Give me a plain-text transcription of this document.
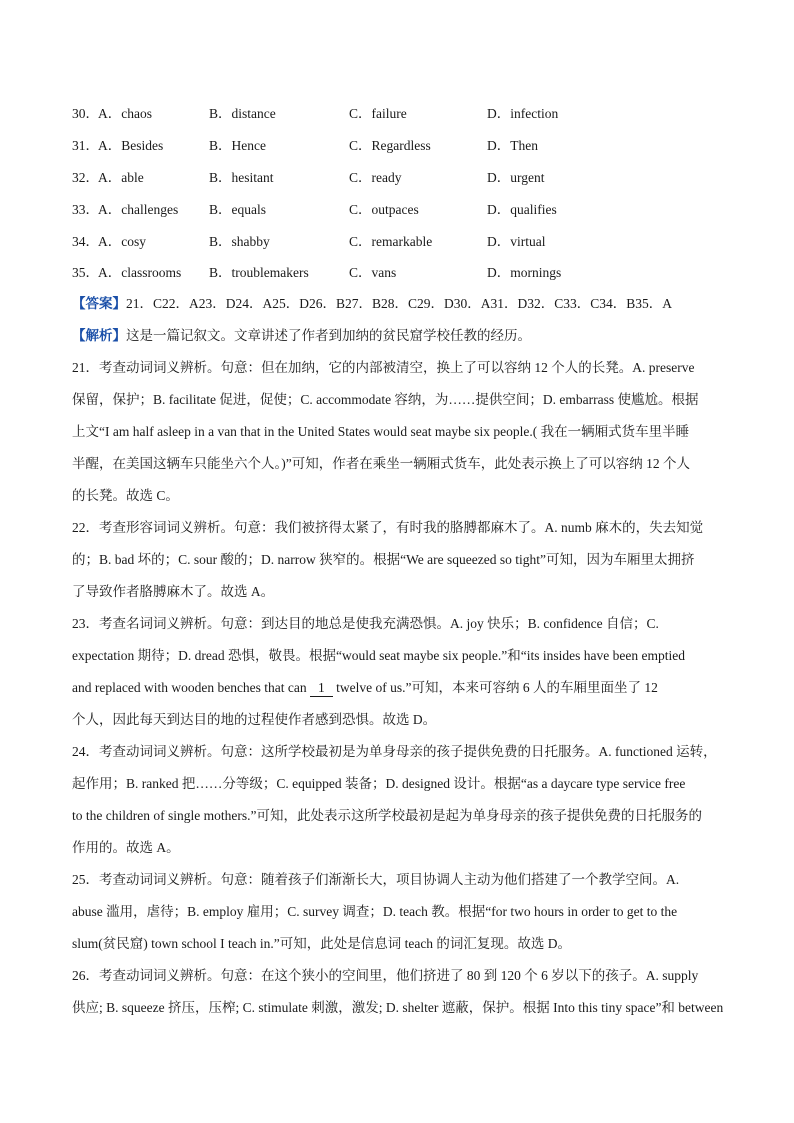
30． A．chaos	B．distance	C．failure	D．infection
31． A．Besides	B．Hence	C．Regardless	D．Then
32． A．able	B．hesitant	C．ready	D．urgent
33． A．challenges B．equals	C．outpaces	D．qualifies
34． A．cosy	B．shabby	C．remarkable	D．virtual
35． A．classrooms B．troublemakers	C．vans	D．mornings
【答案】21．C22．A23．D24．A25．D26．B27．B28．C29．D30．A31．D32．C33．C34．B35．A
【解析】这是一篇记叙文。文章讲述了作者到加纳的贫民窟学校任教的经历。
21．考查动词词义辨析。句意：但在加纳，它的内部被清空，换上了可以容纳 12 个人的长凳。A. preserve
保留，保护；B. facilitate 促进，促使；C. accommodate 容纳，为……提供空间；D. embarrass 使尴尬。根据
上文“I am half asleep in a van that in the United States would seat maybe six people.( 我在一辆厢式货车里半睡
半醒，在美国这辆车只能坐六个人。)”可知，作者在乘坐一辆厢式货车，此处表示换上了可以容纳 12 个人
的长凳。故选 C。
22．考查形容词词义辨析。句意：我们被挤得太紧了，有时我的胳膊都麻木了。A. numb 麻木的，失去知觉
的；B. bad 坏的；C. sour 酸的；D. narrow 狭窄的。根据“We are squeezed so tight”可知，因为车厢里太拥挤
了导致作者胳膊麻木了。故选 A。
23．考查名词词义辨析。句意：到达目的地总是使我充满恐惧。A. joy 快乐；B. confidence 自信；C.
expectation 期待；D. dread 恐惧，敬畏。根据“would seat maybe six people.”和“its insides have been emptied
and replaced with wooden benches that can 1 twelve of us.”可知，本来可容纳 6 人的车厢里面坐了 12
个人，因此每天到达目的地的过程使作者感到恐惧。故选 D。
24．考查动词词义辨析。句意：这所学校最初是为单身母亲的孩子提供免费的日托服务。A. functioned 运转，
起作用；B. ranked 把……分等级；C. equipped 装备；D. designed 设计。根据“as a daycare type service free
to the children of single mothers.”可知，此处表示这所学校最初是起为单身母亲的孩子提供免费的日托服务的
作用的。故选 A。
25．考查动词词义辨析。句意：随着孩子们渐渐长大，项目协调人主动为他们搭建了一个教学空间。A.
abuse 滥用，虐待；B. employ 雇用；C. survey 调查；D. teach 教。根据“for two hours in order to get to the
slum(贫民窟) town school I teach in.”可知，此处是信息词 teach 的词汇复现。故选 D。
26．考查动词词义辨析。句意：在这个狭小的空间里，他们挤进了 80 到 120 个 6 岁以下的孩子。A. supply
供应; B. squeeze 挤压，压榨; C. stimulate 刺激，激发; D. shelter 遮蔽，保护。根据 Into this tiny space”和 between
